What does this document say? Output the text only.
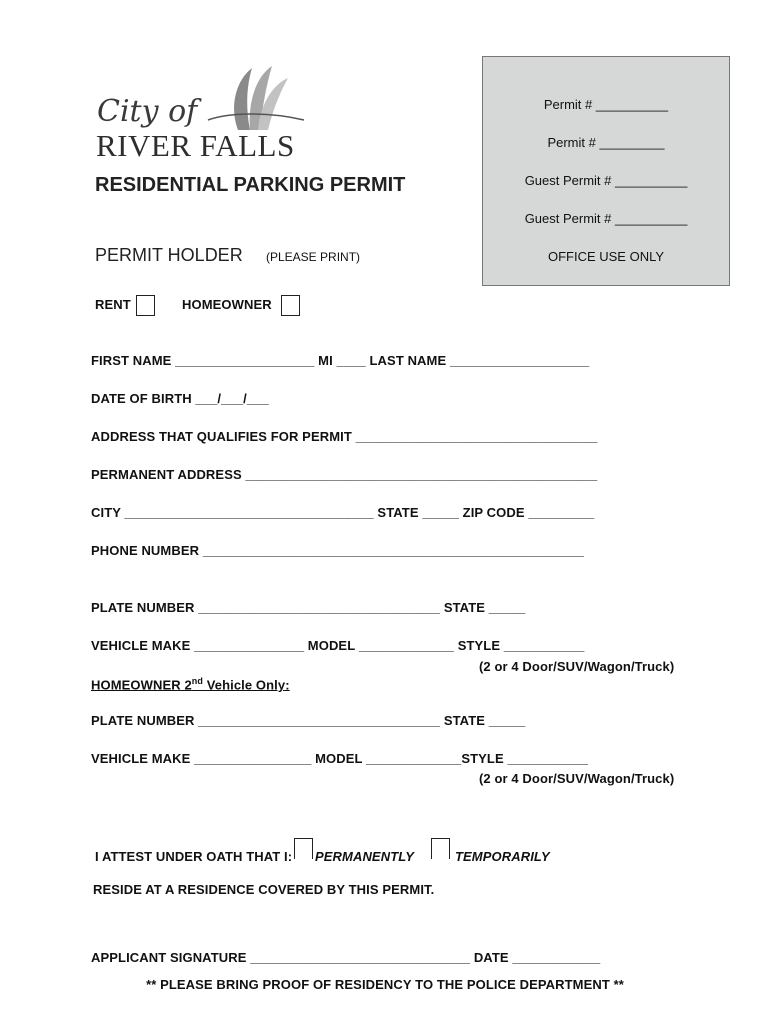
City of
RIVER FALLS
RESIDENTIAL PARKING PERMIT
Permit # __________
Permit # _________
Guest Permit # __________
Guest Permit # __________
OFFICE USE ONLY
PERMIT HOLDER (PLEASE PRINT)
RENT	HOMEOWNER
FIRST NAME ___________________ MI ____ LAST NAME ___________________
DATE OF BIRTH ___/___/___
ADDRESS THAT QUALIFIES FOR PERMIT _________________________________
PERMANENT ADDRESS ________________________________________________
CITY __________________________________ STATE _____ ZIP CODE _________
PHONE NUMBER ____________________________________________________
PLATE NUMBER _________________________________ STATE _____
VEHICLE MAKE _______________ MODEL _____________ STYLE ___________
(2 or 4 Door/SUV/Wagon/Truck)
HOMEOWNER 2nd Vehicle Only:
PLATE NUMBER _________________________________ STATE _____
VEHICLE MAKE ________________ MODEL _____________STYLE ___________
(2 or 4 Door/SUV/Wagon/Truck)
I ATTEST UNDER OATH THAT I: PERMANENTLY	TEMPORARILY
RESIDE AT A RESIDENCE COVERED BY THIS PERMIT.
APPLICANT SIGNATURE ______________________________ DATE ____________
** PLEASE BRING PROOF OF RESIDENCY TO THE POLICE DEPARTMENT **
